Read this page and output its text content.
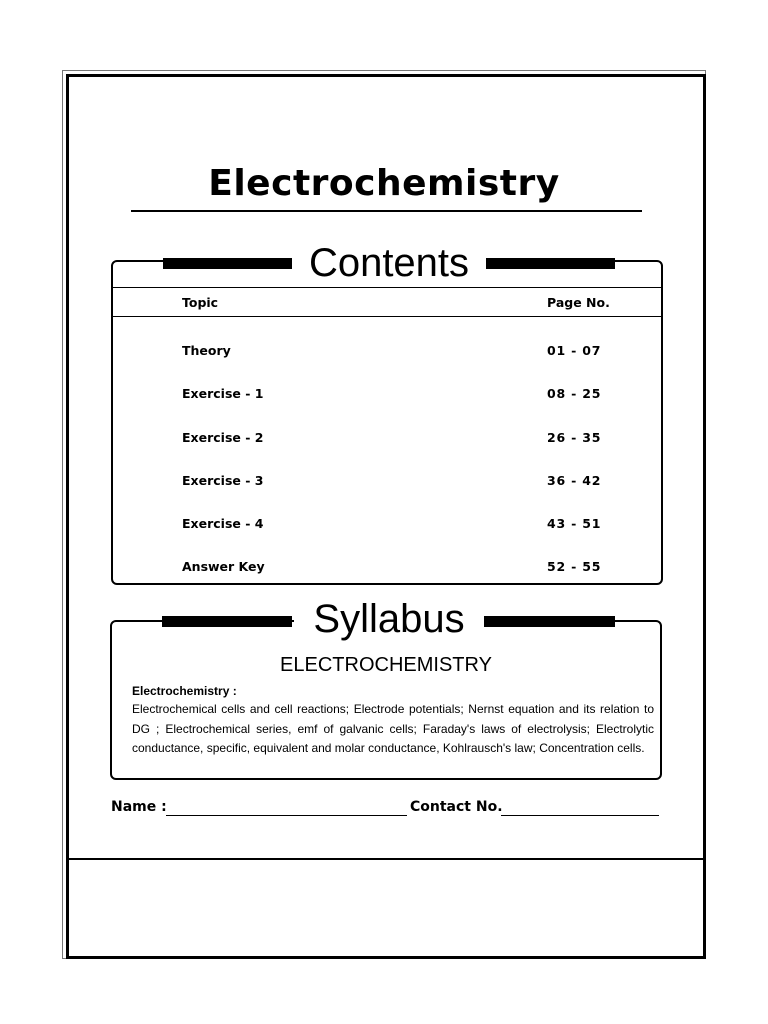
Electrochemistry
Contents
Topic	Page No.
Theory	01 - 07
Exercise - 1	08 - 25
Exercise - 2	26 - 35
Exercise - 3	36 - 42
Exercise - 4	43 - 51
Answer Key	52 - 55
Syllabus
ELECTROCHEMISTRY
Electrochemistry :
Electrochemical cells and cell reactions; Electrode potentials; Nernst equation and its relation to DG ; Electrochemical series, emf of galvanic cells; Faraday's laws of electrolysis; Electrolytic conductance, specific, equivalent and molar conductance, Kohlrausch's law; Concentration cells.
Name :	Contact No.
